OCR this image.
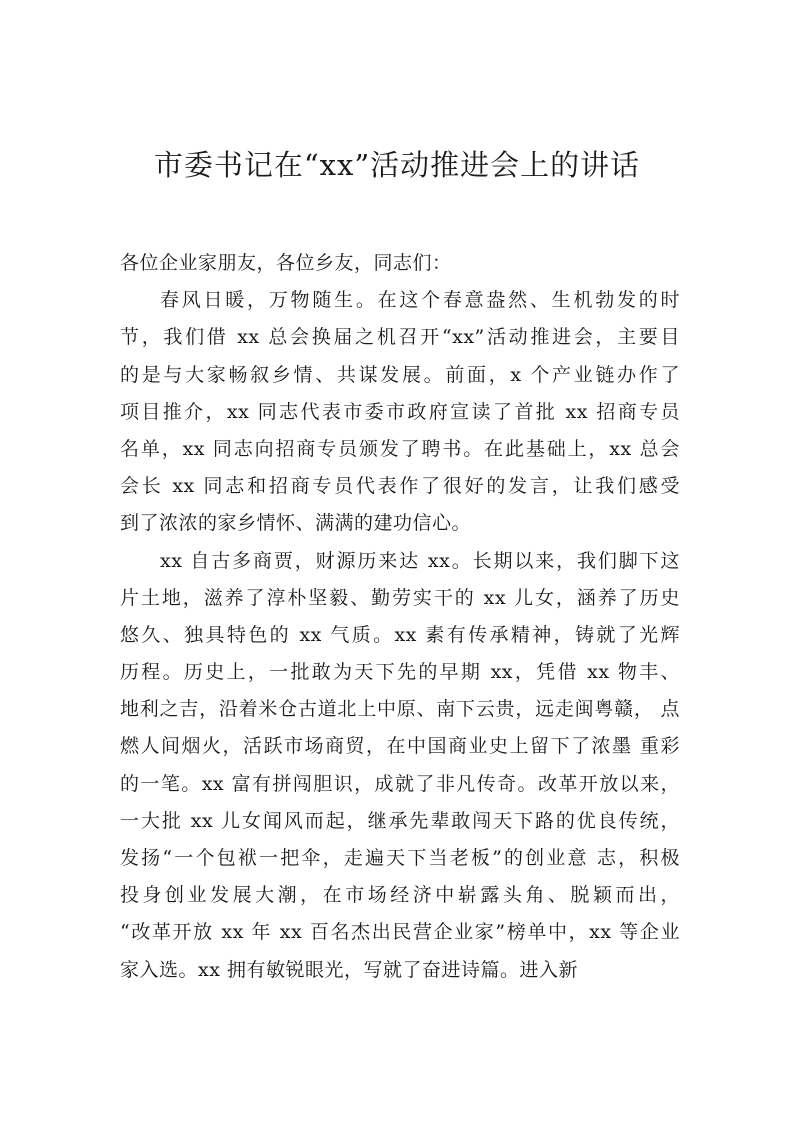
市委书记在“xx”活动推进会上的讲话
各位企业家朋友，各位乡友，同志们：
春风日暖，万物随生。在这个春意盎然、生机勃发的时
节，我们借 xx 总会换届之机召开“xx”活动推进会，主要目
的是与大家畅叙乡情、共谋发展。前面，x 个产业链办作了
项目推介，xx 同志代表市委市政府宣读了首批 xx 招商专员
名单，xx 同志向招商专员颁发了聘书。在此基础上，xx 总会
会长 xx 同志和招商专员代表作了很好的发言，让我们感受
到了浓浓的家乡情怀、满满的建功信心。
xx 自古多商贾，财源历来达 xx。长期以来，我们脚下这
片土地，滋养了淳朴坚毅、勤劳实干的 xx 儿女，涵养了历史
悠久、独具特色的 xx 气质。xx 素有传承精神，铸就了光辉
历程。历史上，一批敢为天下先的早期 xx，凭借 xx 物丰、
地利之吉，沿着米仓古道北上中原、南下云贵，远走闽粤赣， 点
燃人间烟火，活跃市场商贸，在中国商业史上留下了浓墨 重彩
的一笔。xx 富有拼闯胆识，成就了非凡传奇。改革开放以来，
一大批 xx 儿女闻风而起，继承先辈敢闯天下路的优良传统，
发扬“一个包袱一把伞，走遍天下当老板”的创业意 志，积极
投身创业发展大潮，在市场经济中崭露头角、脱颖而出，
“改革开放 xx 年 xx 百名杰出民营企业家”榜单中，xx 等企业
家入选。xx 拥有敏锐眼光，写就了奋进诗篇。进入新
